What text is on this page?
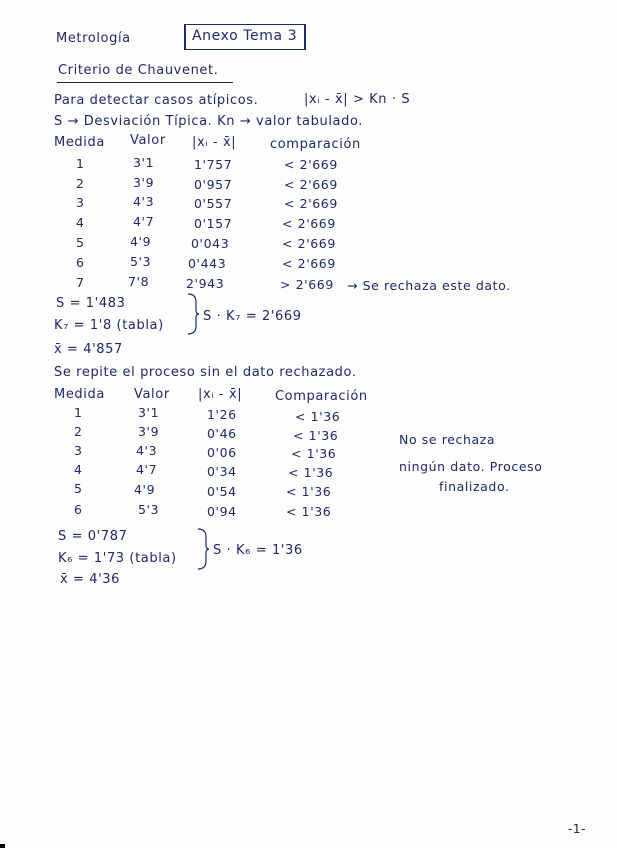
Metrología	Anexo Tema 3
Criterio de Chauvenet.
Para detectar casos atípicos.	|xᵢ - x̄| > Kn · S
S → Desviación Típica. Kn → valor tabulado.
Medida Valor |xᵢ - x̄|	comparación
1	3'1	1'757	< 2'669
2	3'9	0'957	< 2'669
3	4'3	0'557	< 2'669
4	4'7	0'157	< 2'669
5	4'9	0'043	< 2'669
6	5'3	0'443	< 2'669
7	7'8	2'943	> 2'669 → Se rechaza este dato.
S = 1'483
K₇ = 1'8 (tabla)
S · K₇ = 2'669
x̄ = 4'857
Se repite el proceso sin el dato rechazado.
Medida Valor |xᵢ - x̄|	Comparación
1	3'1	1'26	< 1'36
2	3'9	0'46	< 1'36
3	4'3	0'06	< 1'36
4	4'7	0'34	< 1'36
5	4'9	0'54	< 1'36
6	5'3	0'94	< 1'36
No se rechaza
ningún dato. Proceso
finalizado.
S = 0'787
K₆ = 1'73 (tabla)
S · K₆ = 1'36
x̄ = 4'36
-1-
